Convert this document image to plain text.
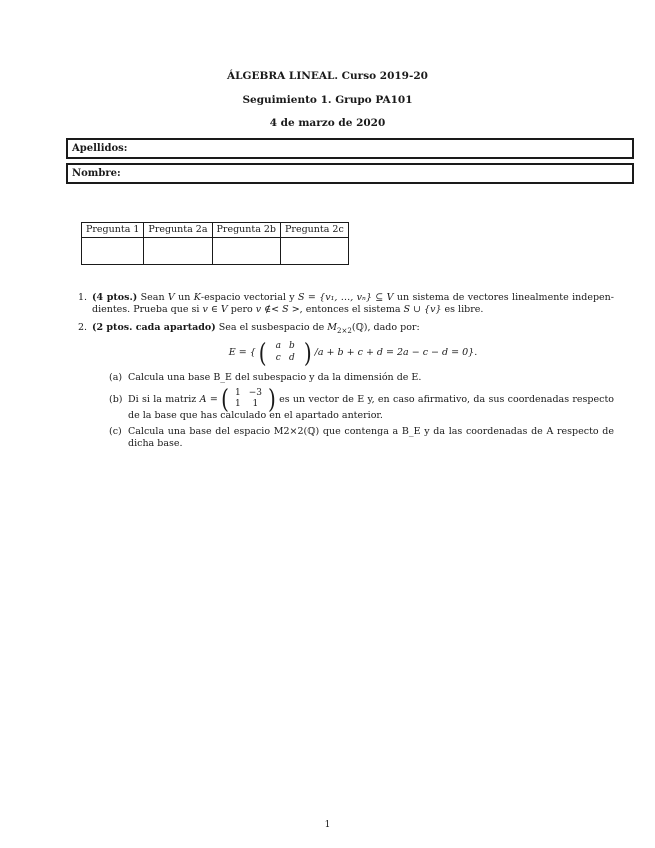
ÁLGEBRA LINEAL. Curso 2019-20
Seguimiento 1. Grupo PA101
4 de marzo de 2020
Apellidos:
Nombre:
Pregunta 1	Pregunta 2a	Pregunta 2b	Pregunta 2c

1. (4 ptos.) Sean V un K-espacio vectorial y S = {v₁, …, vₙ} ⊆ V un sistema de vectores linealmente independientes. Prueba que si v ∈ V pero v ∉< S >, entonces el sistema S ∪ {v} es libre.
2. (2 ptos. cada apartado) Sea el susbespacio de $M_{2\times 2}(ℚ)$, dado por:
E = { ( a	b
c	d ) /a + b + c + d = 2a − c − d = 0}.
(a) Calcula una base B_E del subespacio y da la dimensión de E.
(b) Di si la matriz A = ( 1	−3
1	1 ) es un vector de E y, en caso afirmativo, da sus coordenadas respecto de la base que has calculado en el apartado anterior.
(c) Calcula una base del espacio M2×2(ℚ) que contenga a B_E y da las coordenadas de A respecto de dicha base.
1
